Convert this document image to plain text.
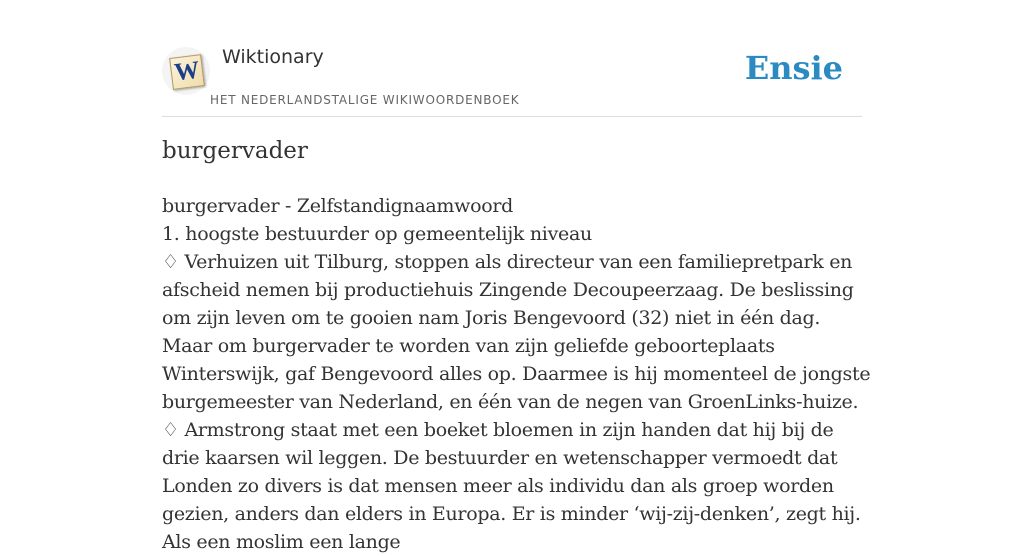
W Wiktionary
HET NEDERLANDSTALIGE WIKIWOORDENBOEK
Ensie
burgervader

burgervader - Zelfstandignaamwoord

1. hoogste bestuurder op gemeentelijk niveau

♢ Verhuizen uit Tilburg, stoppen als directeur van een familiepretpark en afscheid nemen bij productiehuis Zingende Decoupeerzaag. De beslissing om zijn leven om te gooien nam Joris Bengevoord (32) niet in één dag. Maar om burgervader te worden van zijn geliefde geboorteplaats Winterswijk, gaf Bengevoord alles op. Daarmee is hij momenteel de jongste burgemeester van Nederland, en één van de negen van GroenLinks-huize.

♢ Armstrong staat met een boeket bloemen in zijn handen dat hij bij de drie kaarsen wil leggen. De bestuurder en wetenschapper vermoedt dat Londen zo divers is dat mensen meer als individu dan als groep worden gezien, anders dan elders in Europa. Er is minder ‘wij-zij-denken’, zegt hij. Als een moslim een lange
